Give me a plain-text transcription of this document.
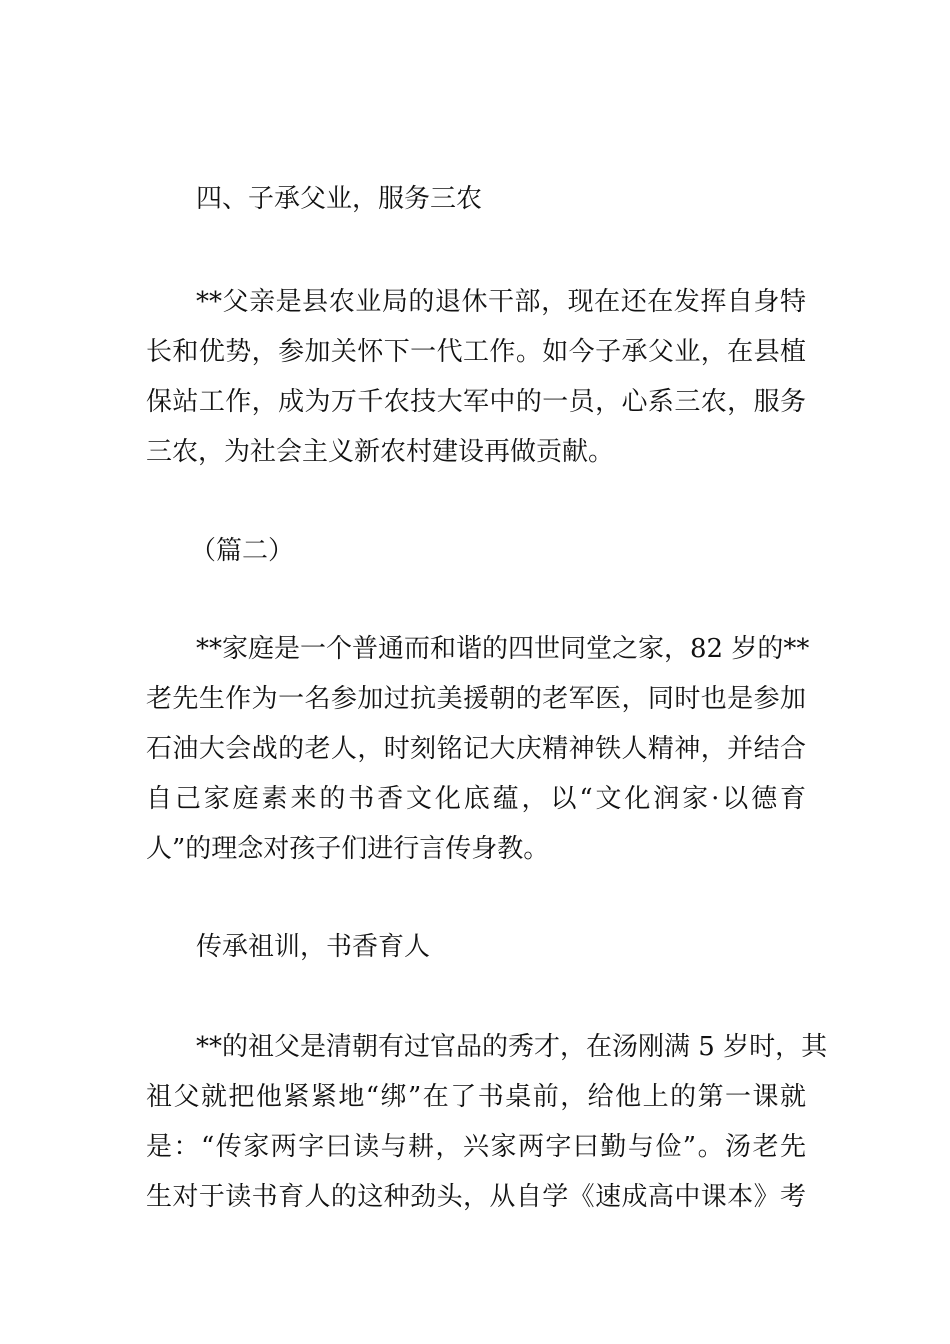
四、子承父业，服务三农
**父亲是县农业局的退休干部，现在还在发挥自身特
长和优势，参加关怀下一代工作。如今子承父业，在县植
保站工作，成为万千农技大军中的一员，心系三农，服务
三农，为社会主义新农村建设再做贡献。
（篇二）
**家庭是一个普通而和谐的四世同堂之家，82 岁的**
老先生作为一名参加过抗美援朝的老军医，同时也是参加
石油大会战的老人，时刻铭记大庆精神铁人精神，并结合
自己家庭素来的书香文化底蕴，以“文化润家·以德育
人”的理念对孩子们进行言传身教。
传承祖训，书香育人
**的祖父是清朝有过官品的秀才，在汤刚满 5 岁时，其
祖父就把他紧紧地“绑”在了书桌前，给他上的第一课就
是：“传家两字曰读与耕，兴家两字曰勤与俭”。汤老先
生对于读书育人的这种劲头，从自学《速成高中课本》考
